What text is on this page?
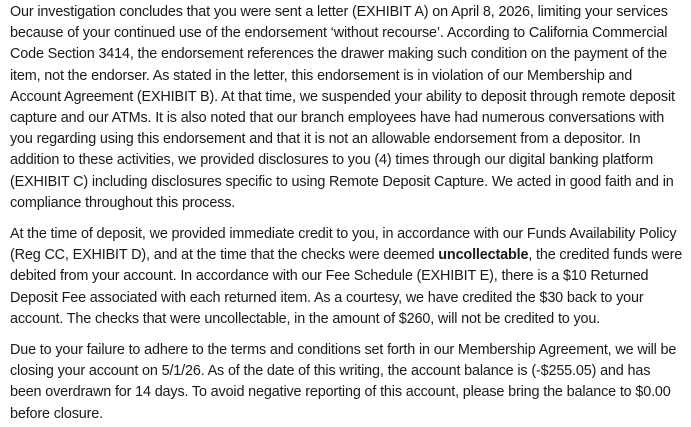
Our investigation concludes that you were sent a letter (EXHIBIT A) on April 8, 2026, limiting your services because of your continued use of the endorsement ‘without recourse’. According to California Commercial Code Section 3414, the endorsement references the drawer making such condition on the payment of the item, not the endorser. As stated in the letter, this endorsement is in violation of our Membership and Account Agreement (EXHIBIT B). At that time, we suspended your ability to deposit through remote deposit capture and our ATMs. It is also noted that our branch employees have had numerous conversations with you regarding using this endorsement and that it is not an allowable endorsement from a depositor. In addition to these activities, we provided disclosures to you (4) times through our digital banking platform (EXHIBIT C) including disclosures specific to using Remote Deposit Capture. We acted in good faith and in compliance throughout this process.

At the time of deposit, we provided immediate credit to you, in accordance with our Funds Availability Policy (Reg CC, EXHIBIT D), and at the time that the checks were deemed uncollectable, the credited funds were debited from your account. In accordance with our Fee Schedule (EXHIBIT E), there is a $10 Returned Deposit Fee associated with each returned item. As a courtesy, we have credited the $30 back to your account. The checks that were uncollectable, in the amount of $260, will not be credited to you.

Due to your failure to adhere to the terms and conditions set forth in our Membership Agreement, we will be closing your account on 5/1/26. As of the date of this writing, the account balance is (-$255.05) and has been overdrawn for 14 days. To avoid negative reporting of this account, please bring the balance to $0.00 before closure.
